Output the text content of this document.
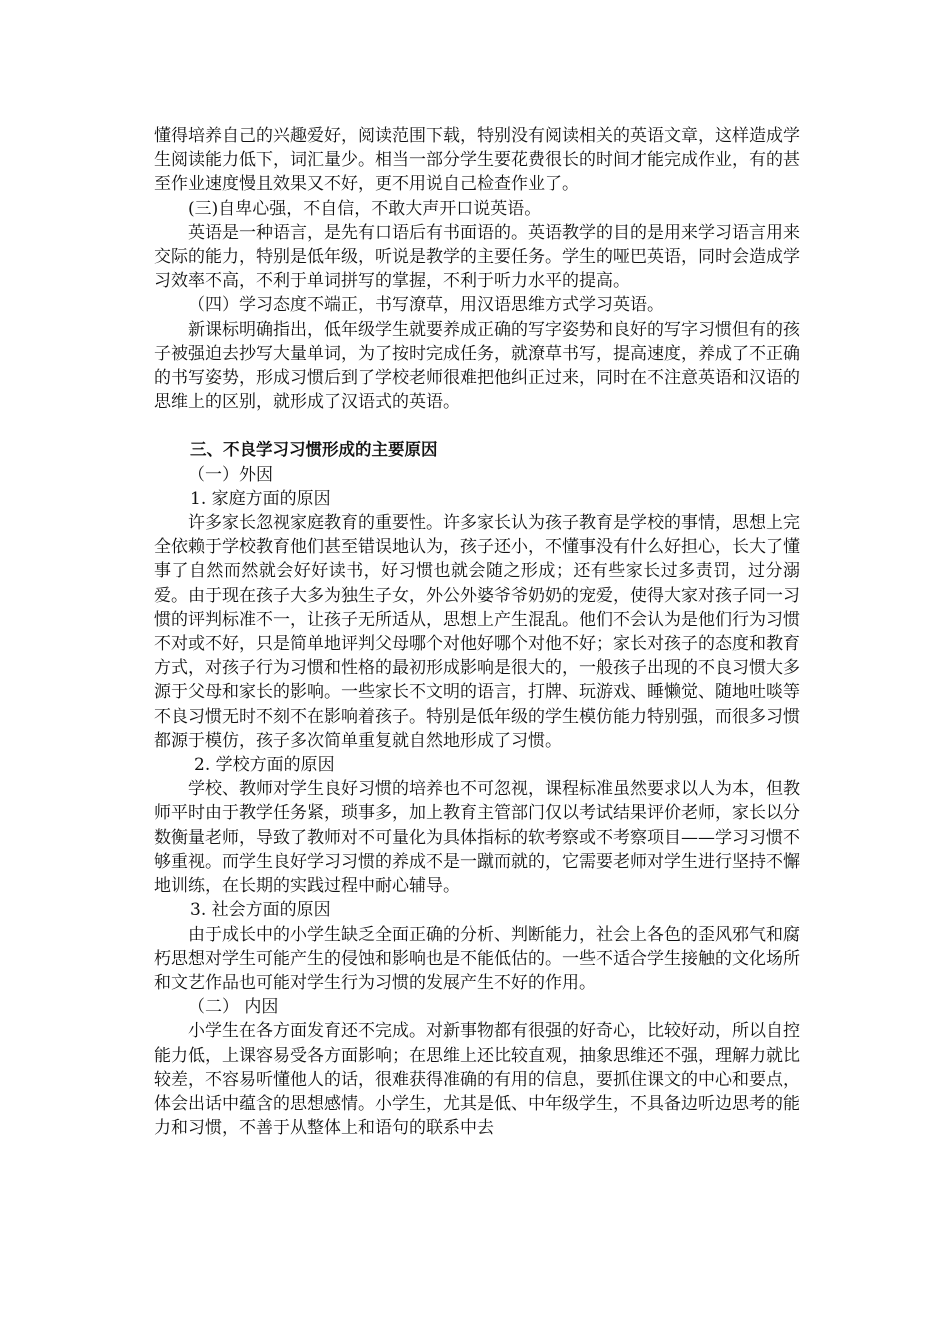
懂得培养自己的兴趣爱好，阅读范围下载，特别没有阅读相关的英语文章，这样造成学生阅读能力低下，词汇量少。相当一部分学生要花费很长的时间才能完成作业，有的甚至作业速度慢且效果又不好，更不用说自己检查作业了。

(三)自卑心强，不自信，不敢大声开口说英语。

英语是一种语言，是先有口语后有书面语的。英语教学的目的是用来学习语言用来交际的能力，特别是低年级，听说是教学的主要任务。学生的哑巴英语，同时会造成学习效率不高，不利于单词拼写的掌握，不利于听力水平的提高。

（四）学习态度不端正，书写潦草，用汉语思维方式学习英语。

新课标明确指出，低年级学生就要养成正确的写字姿势和良好的写字习惯但有的孩子被强迫去抄写大量单词，为了按时完成任务，就潦草书写，提高速度，养成了不正确的书写姿势，形成习惯后到了学校老师很难把他纠正过来，同时在不注意英语和汉语的思维上的区别，就形成了汉语式的英语。

三、不良学习习惯形成的主要原因

（一）外因

1. 家庭方面的原因

许多家长忽视家庭教育的重要性。许多家长认为孩子教育是学校的事情，思想上完全依赖于学校教育他们甚至错误地认为，孩子还小，不懂事没有什么好担心，长大了懂事了自然而然就会好好读书，好习惯也就会随之形成；还有些家长过多责罚，过分溺爱。由于现在孩子大多为独生子女，外公外婆爷爷奶奶的宠爱，使得大家对孩子同一习惯的评判标准不一，让孩子无所适从，思想上产生混乱。他们不会认为是他们行为习惯不对或不好，只是简单地评判父母哪个对他好哪个对他不好；家长对孩子的态度和教育方式，对孩子行为习惯和性格的最初形成影响是很大的，一般孩子出现的不良习惯大多源于父母和家长的影响。一些家长不文明的语言，打牌、玩游戏、睡懒觉、随地吐啖等不良习惯无时不刻不在影响着孩子。特别是低年级的学生模仿能力特别强，而很多习惯都源于模仿，孩子多次简单重复就自然地形成了习惯。

2. 学校方面的原因

学校、教师对学生良好习惯的培养也不可忽视，课程标准虽然要求以人为本，但教师平时由于教学任务紧，琐事多，加上教育主管部门仅以考试结果评价老师，家长以分数衡量老师，导致了教师对不可量化为具体指标的软考察或不考察项目——学习习惯不够重视。而学生良好学习习惯的养成不是一蹴而就的，它需要老师对学生进行坚持不懈地训练，在长期的实践过程中耐心辅导。

3. 社会方面的原因

由于成长中的小学生缺乏全面正确的分析、判断能力，社会上各色的歪风邪气和腐朽思想对学生可能产生的侵蚀和影响也是不能低估的。一些不适合学生接触的文化场所和文艺作品也可能对学生行为习惯的发展产生不好的作用。

（二） 内因

小学生在各方面发育还不完成。对新事物都有很强的好奇心，比较好动，所以自控能力低，上课容易受各方面影响；在思维上还比较直观，抽象思维还不强，理解力就比较差，不容易听懂他人的话，很难获得准确的有用的信息，要抓住课文的中心和要点，体会出话中蕴含的思想感情。小学生，尤其是低、中年级学生，不具备边听边思考的能力和习惯，不善于从整体上和语句的联系中去
